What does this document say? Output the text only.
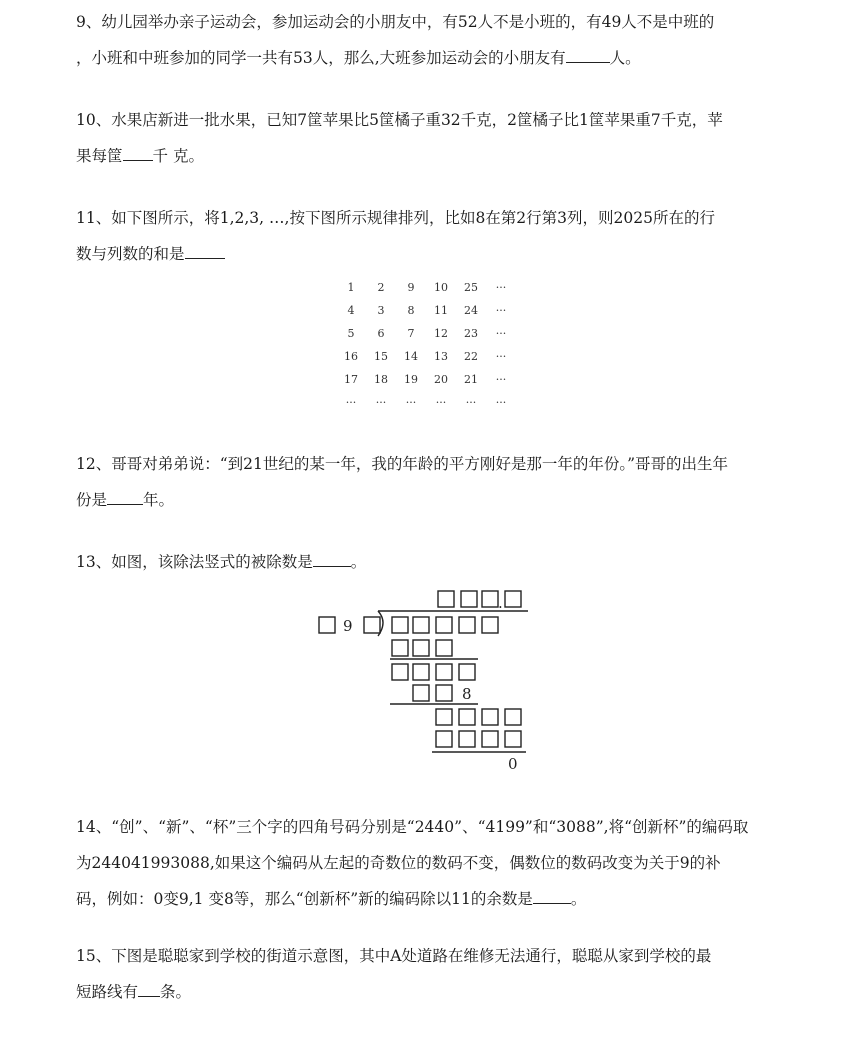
9、幼儿园举办亲子运动会，参加运动会的小朋友中，有52人不是小班的，有49人不是中班的
，小班和中班参加的同学一共有53人，那么,大班参加运动会的小朋友有	人。

10、水果店新进一批水果，已知7筐苹果比5筐橘子重32千克，2筐橘子比1筐苹果重7千克，苹
果每筐 千 克。

11、如下图所示，将1,2,3, …,按下图所示规律排列，比如8在第2行第3列，则2025所在的行
数与列数的和是

1	2	9	10	25	···
4	3	8	11	24	···
5	6	7	12	23	···
16	15	14	13	22	···
17	18	19	20	21	···
···	···	···	···	···	···

12、哥哥对弟弟说：“到21世纪的某一年，我的年龄的平方刚好是那一年的年份。”哥哥的出生年
份是 年。

13、如图，该除法竖式的被除数是 。

9
.
8
0

14、“创”、“新”、“杯”三个字的四角号码分别是“2440”、“4199”和“3088”,将“创新杯”的编码取
为244041993088,如果这个编码从左起的奇数位的数码不变，偶数位的数码改变为关于9的补
码，例如：0变9,1 变8等，那么“创新杯”新的编码除以11的余数是 。

15、下图是聪聪家到学校的街道示意图，其中A处道路在维修无法通行，聪聪从家到学校的最
短路线有 条。
